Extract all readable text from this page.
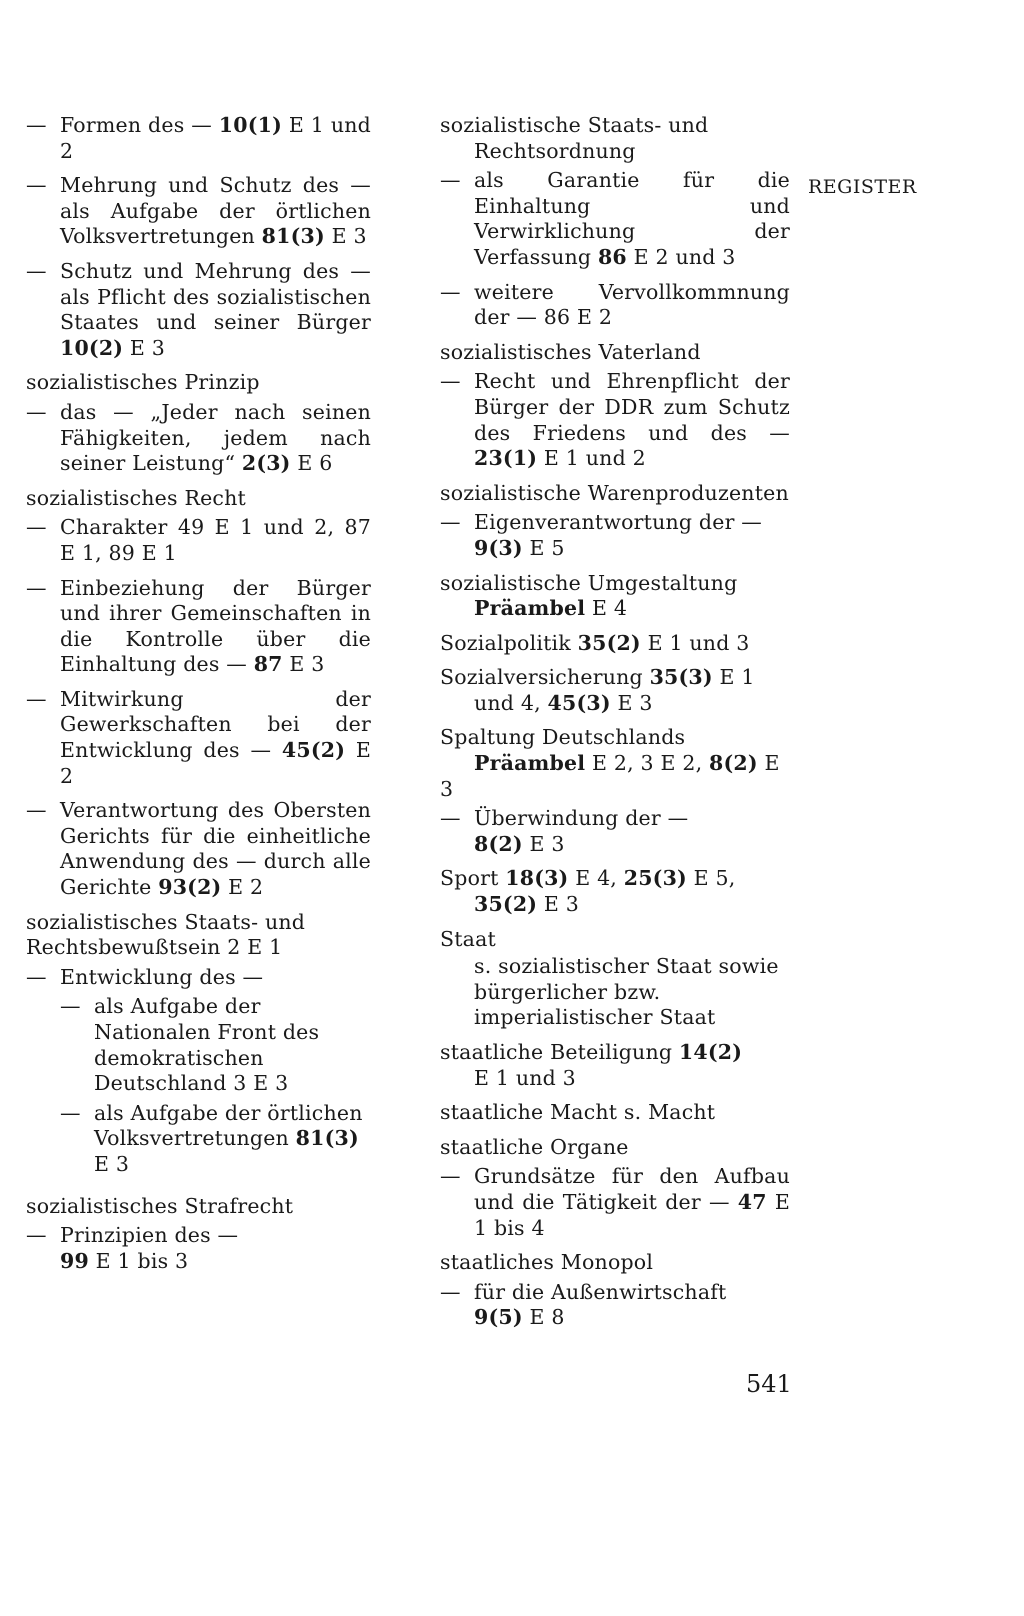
— Formen des — 10(1) E 1 und 2
— Mehrung und Schutz des — als Aufgabe der örtlichen Volksvertretungen 81(3) E 3
— Schutz und Mehrung des — als Pflicht des sozialistischen Staates und seiner Bürger 10(2) E 3
sozialistisches Prinzip
— das — „Jeder nach seinen Fähigkeiten, jedem nach seiner Leistung“ 2(3) E 6
sozialistisches Recht
— Charakter 49 E 1 und 2, 87 E 1, 89 E 1
— Einbeziehung der Bürger und ihrer Gemeinschaften in die Kontrolle über die Einhaltung des — 87 E 3
— Mitwirkung der Gewerkschaften bei der Entwicklung des — 45(2) E 2
— Verantwortung des Obersten Gerichts für die einheitliche Anwendung des — durch alle Gerichte 93(2) E 2
sozialistisches Staats- und Rechtsbewußtsein 2 E 1
— Entwicklung des —
— als Aufgabe der Nationalen Front des demokratischen Deutschland 3 E 3
— als Aufgabe der örtlichen Volksvertretungen 81(3) E 3
sozialistisches Strafrecht
— Prinzipien des —
99 E 1 bis 3
sozialistische Staats- und
Rechtsordnung
— als Garantie für die Einhaltung und Verwirklichung der Verfassung 86 E 2 und 3
— weitere Vervollkommnung der — 86 E 2
sozialistisches Vaterland
— Recht und Ehrenpflicht der Bürger der DDR zum Schutz des Friedens und des — 23(1) E 1 und 2
sozialistische Warenproduzenten
— Eigenverantwortung der —
9(3) E 5
sozialistische Umgestaltung
Präambel E 4
Sozialpolitik 35(2) E 1 und 3
Sozialversicherung 35(3) E 1
und 4, 45(3) E 3
Spaltung Deutschlands
Präambel E 2, 3 E 2, 8(2) E 3
— Überwindung der —
8(2) E 3
Sport 18(3) E 4, 25(3) E 5,
35(2) E 3
Staat
s. sozialistischer Staat sowie bürgerlicher bzw. imperialistischer Staat
staatliche Beteiligung 14(2)
E 1 und 3
staatliche Macht s. Macht
staatliche Organe
— Grundsätze für den Aufbau und die Tätigkeit der — 47 E 1 bis 4
staatliches Monopol
— für die Außenwirtschaft
9(5) E 8
REGISTER
541
